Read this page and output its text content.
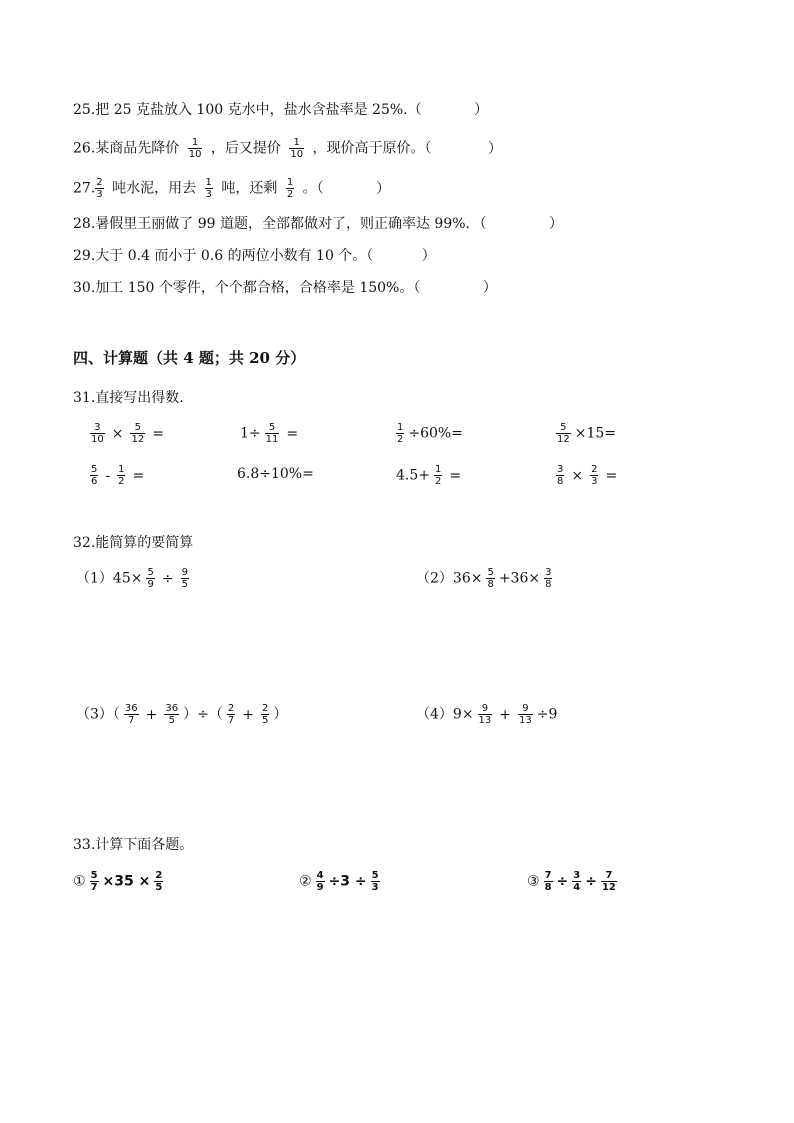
25.把 25 克盐放入 100 克水中，盐水含盐率是 25%.（	）
26.某商品先降价 $\frac{1}{10}$ ，后又提价 $\frac{1}{10}$ ，现价高于原价。（	）
27. $\frac{2}{3}$ 吨水泥，用去 $\frac{1}{3}$ 吨，还剩 $\frac{1}{2}$ 。（	）
28.暑假里王丽做了 99 道题，全部都做对了，则正确率达 99%．（	）
29.大于 0.4 而小于 0.6 的两位小数有 10 个。（	）
30.加工 150 个零件，个个都合格，合格率是 150%。（	）
四、计算题（共 4 题；共 20 分）
31.直接写出得数.
$\frac{3}{10} \times \frac{5}{12}$ =	$1\div \frac{5}{11}$ =	$\frac{1}{2} \div 60\%=$	$\frac{5}{12} \times 15=$
$\frac{5}{6} - \frac{1}{2}$ =	6.8÷10%=	$4.5+ \frac{1}{2}$ =	$\frac{3}{8} \times \frac{2}{3}$ =
32.能简算的要简算
$(1)45\times \frac{5}{9} \div \frac{9}{5}$	$(2)36\times \frac{5}{8} +36\times \frac{3}{8}$
$(3)( \frac{36}{7} + \frac{36}{5}$ ）÷（ $\frac{2}{7} + \frac{2}{5}$ ）	$(4)9\times \frac{9}{13} + \frac{9}{13} \div 9$
33.计算下面各题。
① $\frac{5}{7} \times 35 \times \frac{2}{5}$	② $\frac{4}{9} \div 3 \div \frac{5}{3}$	③ $\frac{7}{8} \div \frac{3}{4} \div \frac{7}{12}$
